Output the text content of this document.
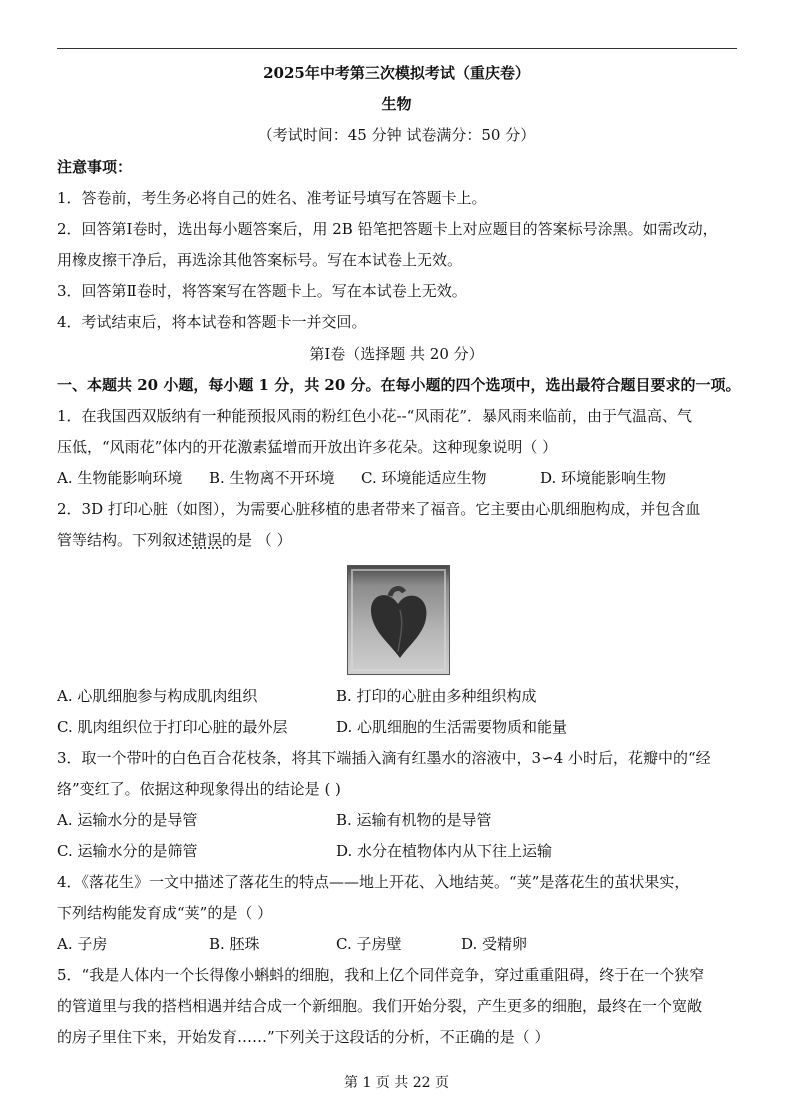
2025年中考第三次模拟考试（重庆卷）
生物
（考试时间：45 分钟 试卷满分：50 分）
注意事项：
1．答卷前，考生务必将自己的姓名、准考证号填写在答题卡上。
2．回答第Ⅰ卷时，选出每小题答案后，用 2B 铅笔把答题卡上对应题目的答案标号涂黑。如需改动，
用橡皮擦干净后，再选涂其他答案标号。写在本试卷上无效。
3．回答第Ⅱ卷时，将答案写在答题卡上。写在本试卷上无效。
4．考试结束后，将本试卷和答题卡一并交回。
第Ⅰ卷（选择题 共 20 分）
一、本题共 20 小题，每小题 1 分，共 20 分。在每小题的四个选项中，选出最符合题目要求的一项。
1．在我国西双版纳有一种能预报风雨的粉红色小花--“风雨花”．暴风雨来临前，由于气温高、气
压低，“风雨花”体内的开花激素猛增而开放出许多花朵。这种现象说明（ ）
A. 生物能影响环境 B. 生物离不开环境 C. 环境能适应生物	D. 环境能影响生物
2．3D 打印心脏（如图），为需要心脏移植的患者带来了福音。它主要由心肌细胞构成，并包含血
管等结构。下列叙述错误的是 （ ）
A. 心肌细胞参与构成肌肉组织	B. 打印的心脏由多种组织构成
C. 肌肉组织位于打印心脏的最外层	D. 心肌细胞的生活需要物质和能量
3．取一个带叶的白色百合花枝条，将其下端插入滴有红墨水的溶液中，3∽4 小时后，花瓣中的“经
络”变红了。依据这种现象得出的结论是 ( )
A. 运输水分的是导管	B. 运输有机物的是导管
C. 运输水分的是筛管	D. 水分在植物体内从下往上运输
4．《落花生》一文中描述了落花生的特点——地上开花、入地结荚。“荚”是落花生的茧状果实，
下列结构能发育成“荚”的是（ ）
A. 子房	B. 胚珠	C. 子房壁	D. 受精卵
5．“我是人体内一个长得像小蝌蚪的细胞，我和上亿个同伴竞争，穿过重重阻碍，终于在一个狭窄
的管道里与我的搭档相遇并结合成一个新细胞。我们开始分裂，产生更多的细胞，最终在一个宽敞
的房子里住下来，开始发育……”下列关于这段话的分析，不正确的是（ ）
第 1 页 共 22 页
